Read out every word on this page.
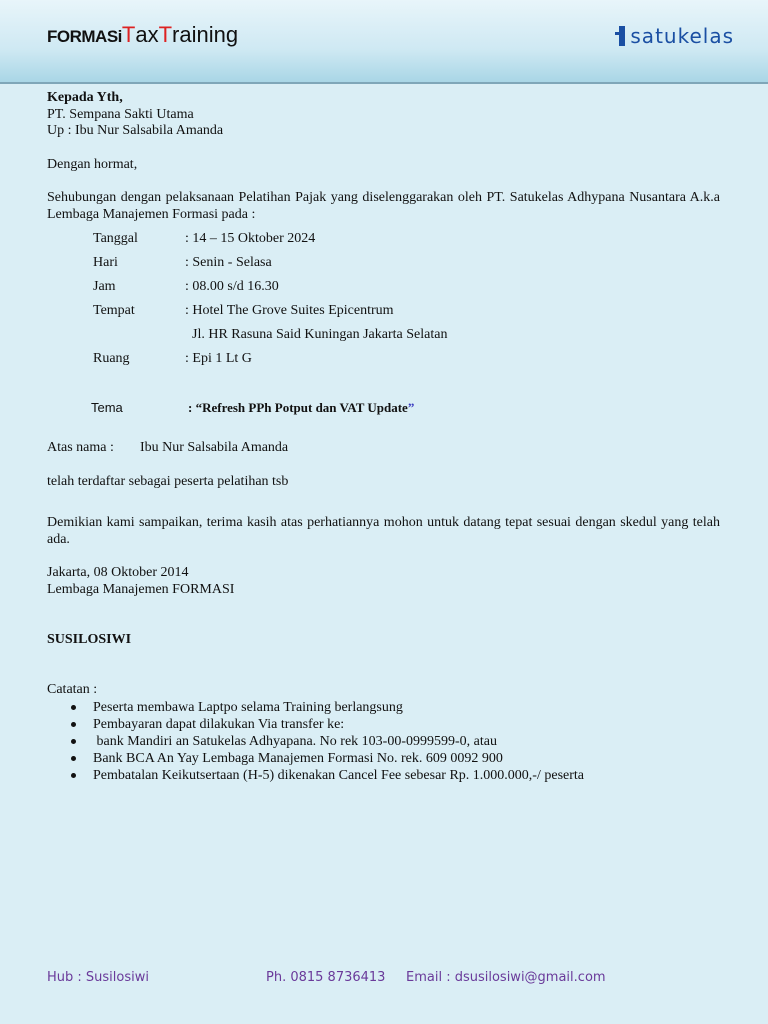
FORMASi T ax T raining	satukelas
Kepada Yth,
PT. Sempana Sakti Utama
Up : Ibu Nur Salsabila Amanda
Dengan hormat,
Sehubungan dengan pelaksanaan Pelatihan Pajak yang diselenggarakan oleh PT. Satukelas Adhypana Nusantara A.k.a Lembaga Manajemen Formasi pada :
Tanggal	: 14 – 15 Oktober 2024
Hari	: Senin - Selasa
Jam	: 08.00 s/d 16.30
Tempat	: Hotel The Grove Suites Epicentrum
Jl. HR Rasuna Said Kuningan Jakarta Selatan
Ruang	: Epi 1 Lt G
Tema	: “Refresh PPh Potput dan VAT Update”
Atas nama : Ibu Nur Salsabila Amanda
telah terdaftar sebagai peserta pelatihan tsb
Demikian kami sampaikan, terima kasih atas perhatiannya mohon untuk datang tepat sesuai dengan skedul yang telah ada.
Jakarta, 08 Oktober 2014
Lembaga Manajemen FORMASI
SUSILOSIWI
Catatan :
Peserta membawa Laptpo selama Training berlangsung
Pembayaran dapat dilakukan Via transfer ke:
bank Mandiri an Satukelas Adhyapana. No rek 103-00-0999599-0, atau
Bank BCA An Yay Lembaga Manajemen Formasi No. rek. 609 0092 900
Pembatalan Keikutsertaan (H-5) dikenakan Cancel Fee sebesar Rp. 1.000.000,-/ peserta
Hub : Susilosiwi	Ph. 0815 8736413 Email : dsusilosiwi@gmail.com
